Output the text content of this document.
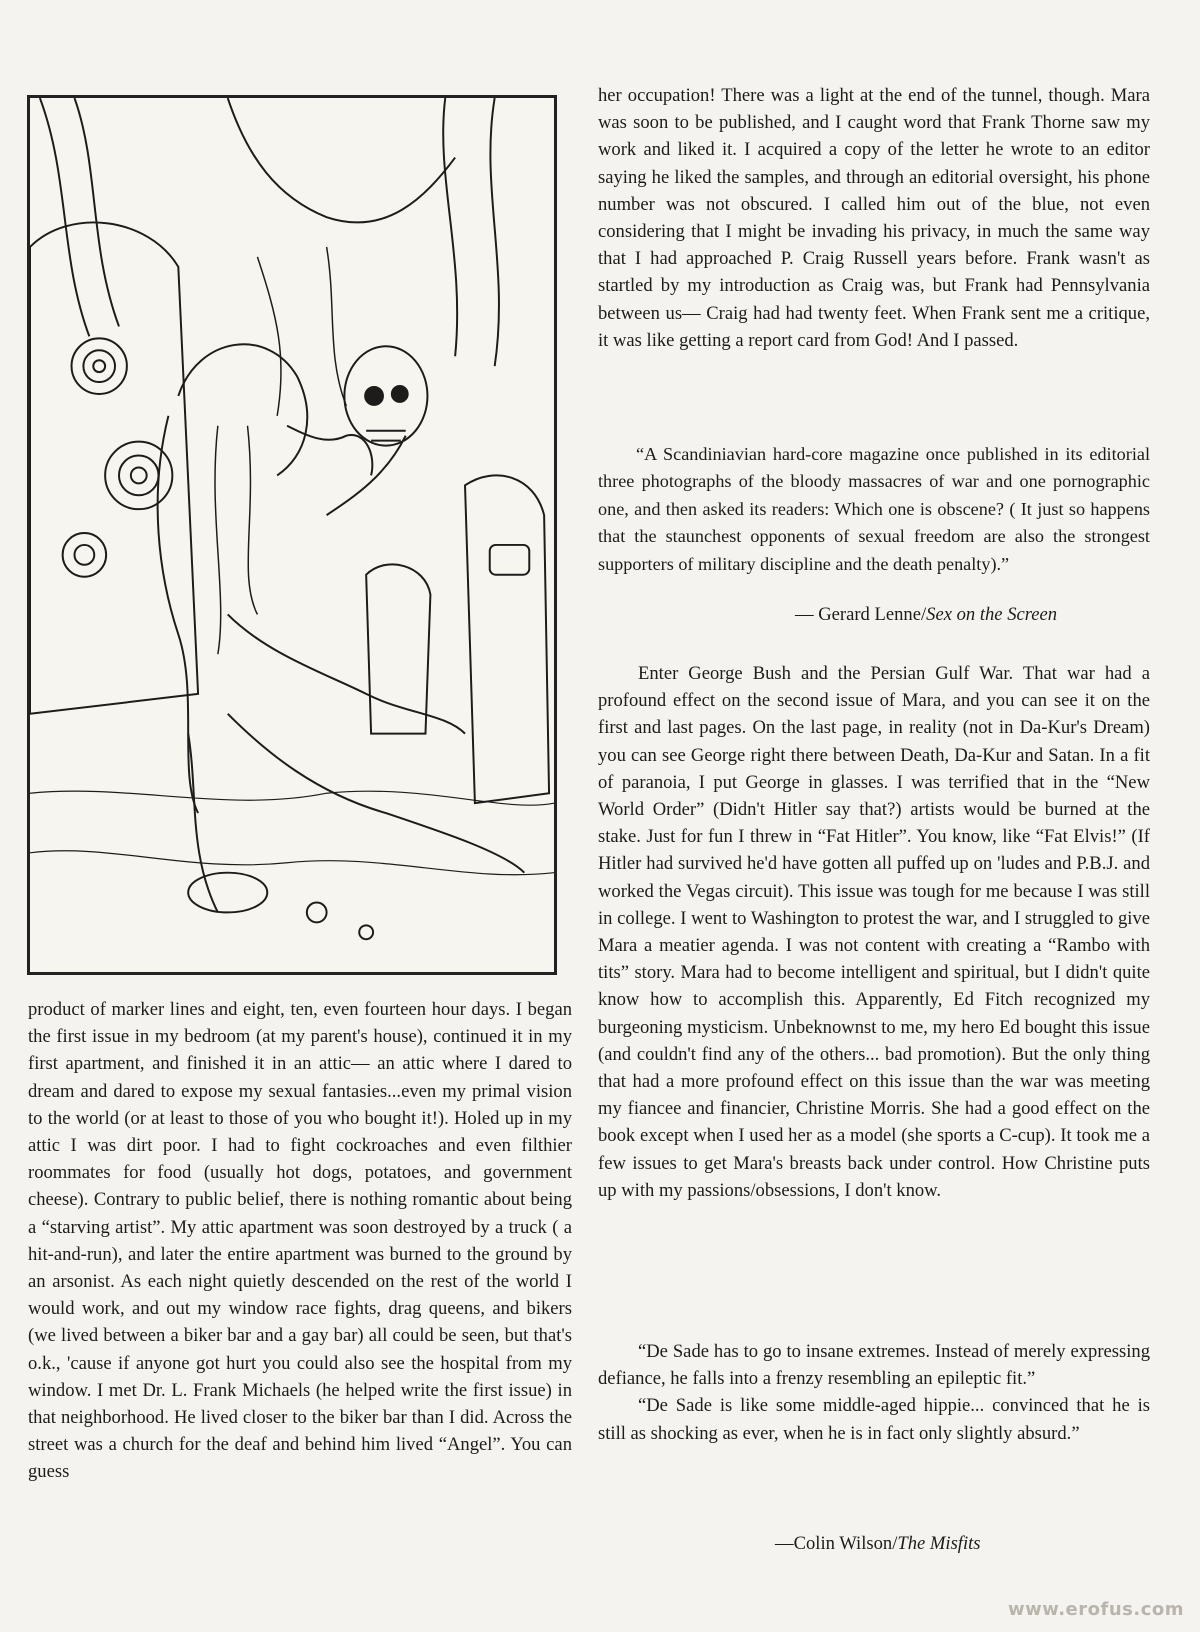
product of marker lines and eight, ten, even fourteen hour days. I began the first issue in my bedroom (at my parent's house), continued it in my first apartment, and finished it in an attic— an attic where I dared to dream and dared to expose my sexual fantasies...even my primal vision to the world (or at least to those of you who bought it!). Holed up in my attic I was dirt poor. I had to fight cockroaches and even filthier roommates for food (usually hot dogs, potatoes, and government cheese). Contrary to public belief, there is nothing romantic about being a “starving artist”. My attic apartment was soon destroyed by a truck ( a hit-and-run), and later the entire apartment was burned to the ground by an arsonist. As each night quietly descended on the rest of the world I would work, and out my window race fights, drag queens, and bikers (we lived between a biker bar and a gay bar) all could be seen, but that's o.k., 'cause if anyone got hurt you could also see the hospital from my window. I met Dr. L. Frank Michaels (he helped write the first issue) in that neighborhood. He lived closer to the biker bar than I did. Across the street was a church for the deaf and behind him lived “Angel”. You can guess

her occupation! There was a light at the end of the tunnel, though. Mara was soon to be published, and I caught word that Frank Thorne saw my work and liked it. I acquired a copy of the letter he wrote to an editor saying he liked the samples, and through an editorial oversight, his phone number was not obscured. I called him out of the blue, not even considering that I might be invading his privacy, in much the same way that I had approached P. Craig Russell years before. Frank wasn't as startled by my introduction as Craig was, but Frank had Pennsylvania between us— Craig had had twenty feet. When Frank sent me a critique, it was like getting a report card from God! And I passed.

“A Scandiniavian hard-core magazine once published in its editorial three photographs of the bloody massacres of war and one pornographic one, and then asked its readers: Which one is obscene? ( It just so happens that the staunchest opponents of sexual freedom are also the strongest supporters of military discipline and the death penalty).”

— Gerard Lenne/Sex on the Screen

Enter George Bush and the Persian Gulf War. That war had a profound effect on the second issue of Mara, and you can see it on the first and last pages. On the last page, in reality (not in Da-Kur's Dream) you can see George right there between Death, Da-Kur and Satan. In a fit of paranoia, I put George in glasses. I was terrified that in the “New World Order” (Didn't Hitler say that?) artists would be burned at the stake. Just for fun I threw in “Fat Hitler”. You know, like “Fat Elvis!” (If Hitler had survived he'd have gotten all puffed up on 'ludes and P.B.J. and worked the Vegas circuit). This issue was tough for me because I was still in college. I went to Washington to protest the war, and I struggled to give Mara a meatier agenda. I was not content with creating a “Rambo with tits” story. Mara had to become intelligent and spiritual, but I didn't quite know how to accomplish this. Apparently, Ed Fitch recognized my burgeoning mysticism. Unbeknownst to me, my hero Ed bought this issue (and couldn't find any of the others... bad promotion). But the only thing that had a more profound effect on this issue than the war was meeting my fiancee and financier, Christine Morris. She had a good effect on the book except when I used her as a model (she sports a C-cup). It took me a few issues to get Mara's breasts back under control. How Christine puts up with my passions/obsessions, I don't know.

“De Sade has to go to insane extremes. Instead of merely expressing defiance, he falls into a frenzy resembling an epileptic fit.”

“De Sade is like some middle-aged hippie... convinced that he is still as shocking as ever, when he is in fact only slightly absurd.”

—Colin Wilson/The Misfits
www.erofus.com
